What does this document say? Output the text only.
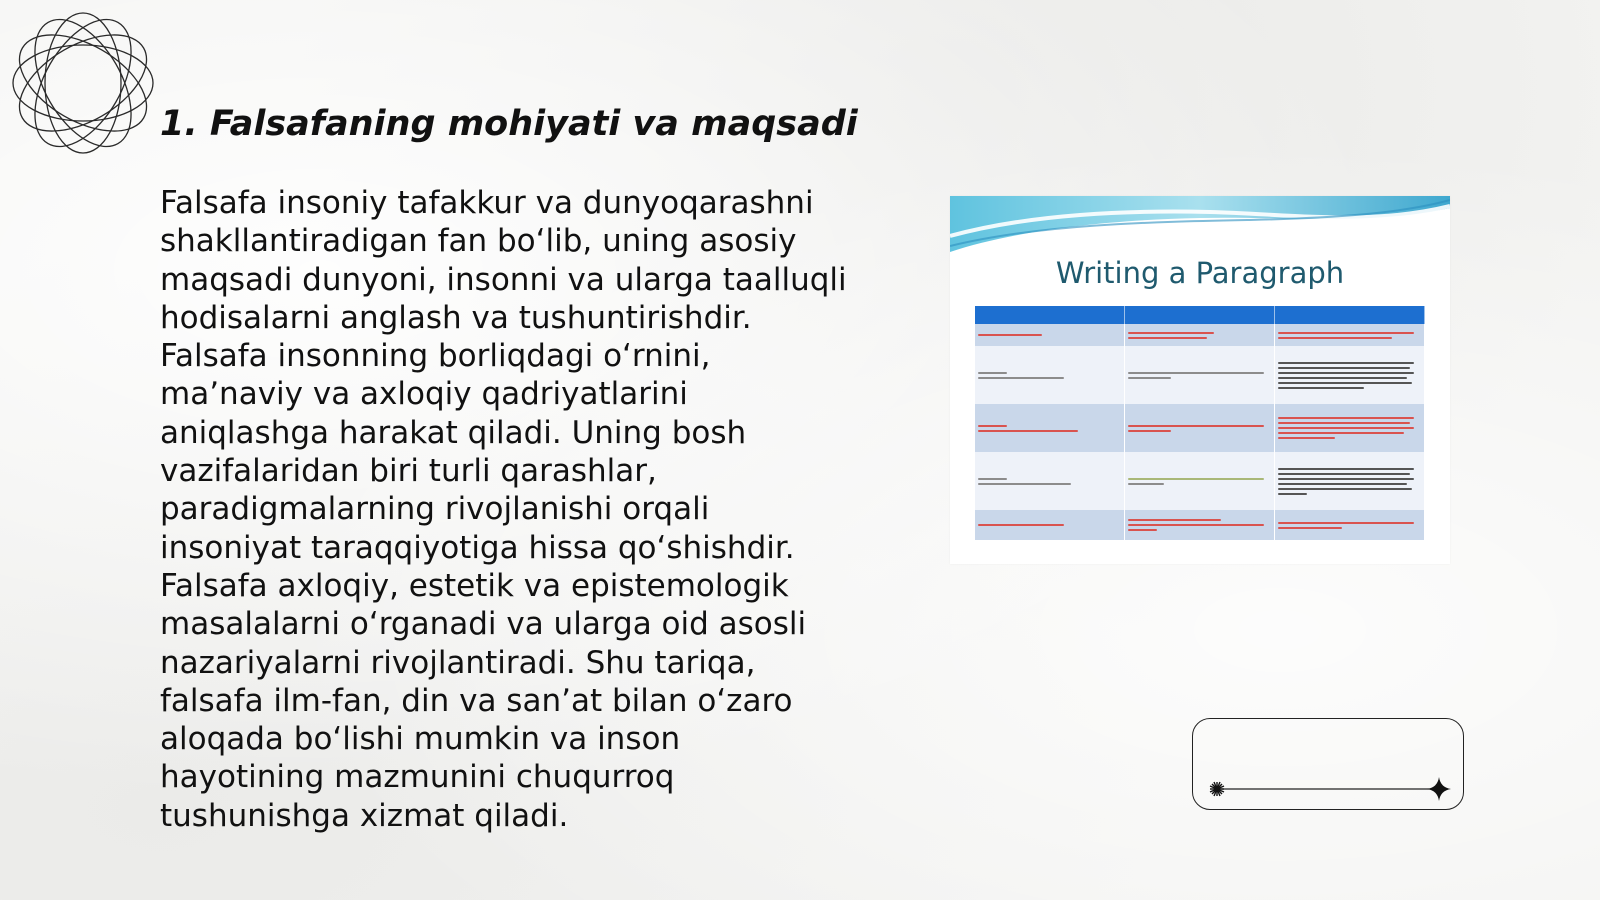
1. Falsafaning mohiyati va maqsadi

Falsafa insoniy tafakkur va dunyoqarashni shakllantiradigan fan bo‘lib, uning asosiy maqsadi dunyoni, insonni va ularga taalluqli hodisalarni anglash va tushuntirishdir. Falsafa insonning borliqdagi o‘rnini, ma’naviy va axloqiy qadriyatlarini aniqlashga harakat qiladi. Uning bosh vazifalaridan biri turli qarashlar, paradigmalarning rivojlanishi orqali insoniyat taraqqiyotiga hissa qo‘shishdir. Falsafa axloqiy, estetik va epistemologik masalalarni o‘rganadi va ularga oid asosli nazariyalarni rivojlantiradi. Shu tariqa, falsafa ilm-fan, din va san’at bilan o‘zaro aloqada bo‘lishi mumkin va inson hayotining mazmunini chuqurroq tushunishga xizmat qiladi.

Writing a Paragraph
